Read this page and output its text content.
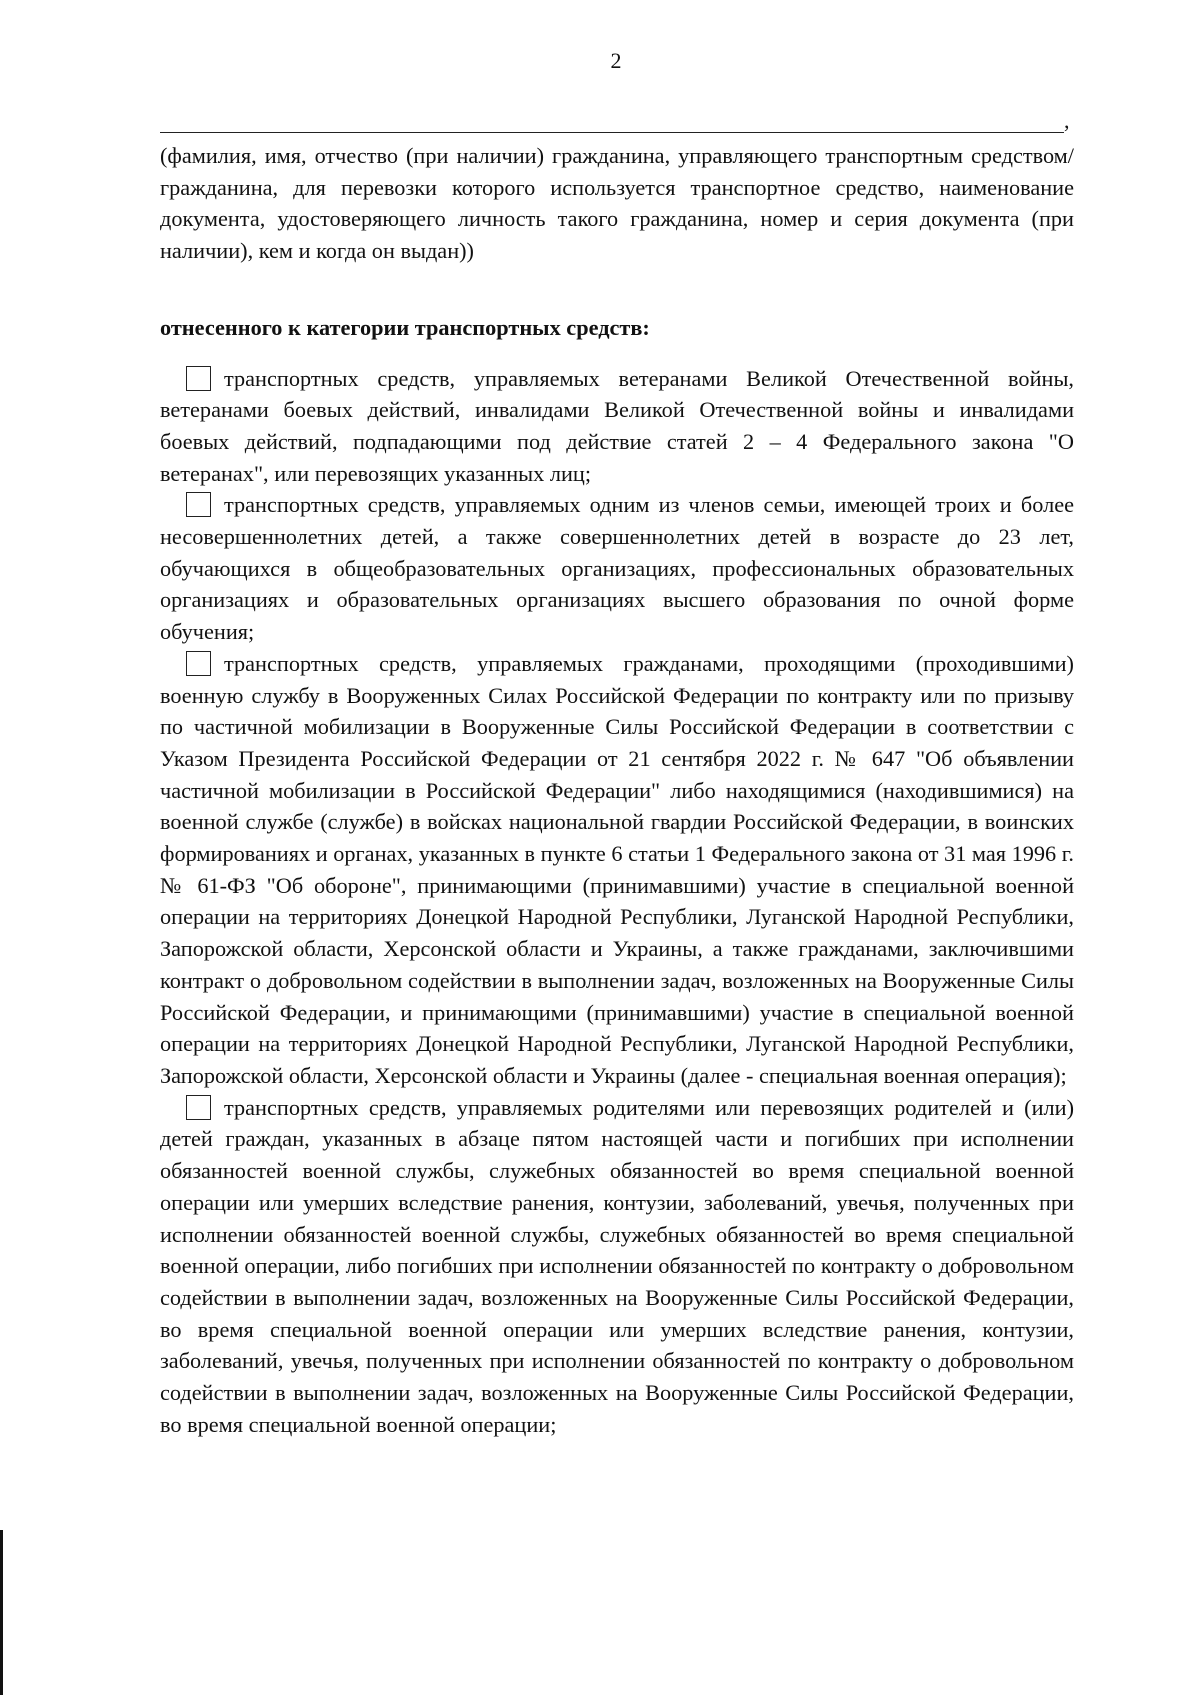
2
,

(фамилия, имя, отчество (при наличии) гражданина, управляющего транспортным средством/гражданина, для перевозки которого используется транспортное средство, наименование документа, удостоверяющего личность такого гражданина, номер и серия документа (при наличии), кем и когда он выдан))

отнесенного к категории транспортных средств:

транспортных средств, управляемых ветеранами Великой Отечественной войны, ветеранами боевых действий, инвалидами Великой Отечественной войны и инвалидами боевых действий, подпадающими под действие статей 2 – 4 Федерального закона "О ветеранах", или перевозящих указанных лиц;

транспортных средств, управляемых одним из членов семьи, имеющей троих и более несовершеннолетних детей, а также совершеннолетних детей в возрасте до 23 лет, обучающихся в общеобразовательных организациях, профессиональных образовательных организациях и образовательных организациях высшего образования по очной форме обучения;

транспортных средств, управляемых гражданами, проходящими (проходившими) военную службу в Вооруженных Силах Российской Федерации по контракту или по призыву по частичной мобилизации в Вооруженные Силы Российской Федерации в соответствии с Указом Президента Российской Федерации от 21 сентября 2022 г. № 647 "Об объявлении частичной мобилизации в Российской Федерации" либо находящимися (находившимися) на военной службе (службе) в войсках национальной гвардии Российской Федерации, в воинских формированиях и органах, указанных в пункте 6 статьи 1 Федерального закона от 31 мая 1996 г. № 61-ФЗ "Об обороне", принимающими (принимавшими) участие в специальной военной операции на территориях Донецкой Народной Республики, Луганской Народной Республики, Запорожской области, Херсонской области и Украины, а также гражданами, заключившими контракт о добровольном содействии в выполнении задач, возложенных на Вооруженные Силы Российской Федерации, и принимающими (принимавшими) участие в специальной военной операции на территориях Донецкой Народной Республики, Луганской Народной Республики, Запорожской области, Херсонской области и Украины (далее - специальная военная операция);

транспортных средств, управляемых родителями или перевозящих родителей и (или) детей граждан, указанных в абзаце пятом настоящей части и погибших при исполнении обязанностей военной службы, служебных обязанностей во время специальной военной операции или умерших вследствие ранения, контузии, заболеваний, увечья, полученных при исполнении обязанностей военной службы, служебных обязанностей во время специальной военной операции, либо погибших при исполнении обязанностей по контракту о добровольном содействии в выполнении задач, возложенных на Вооруженные Силы Российской Федерации, во время специальной военной операции или умерших вследствие ранения, контузии, заболеваний, увечья, полученных при исполнении обязанностей по контракту о добровольном содействии в выполнении задач, возложенных на Вооруженные Силы Российской Федерации, во время специальной военной операции;
